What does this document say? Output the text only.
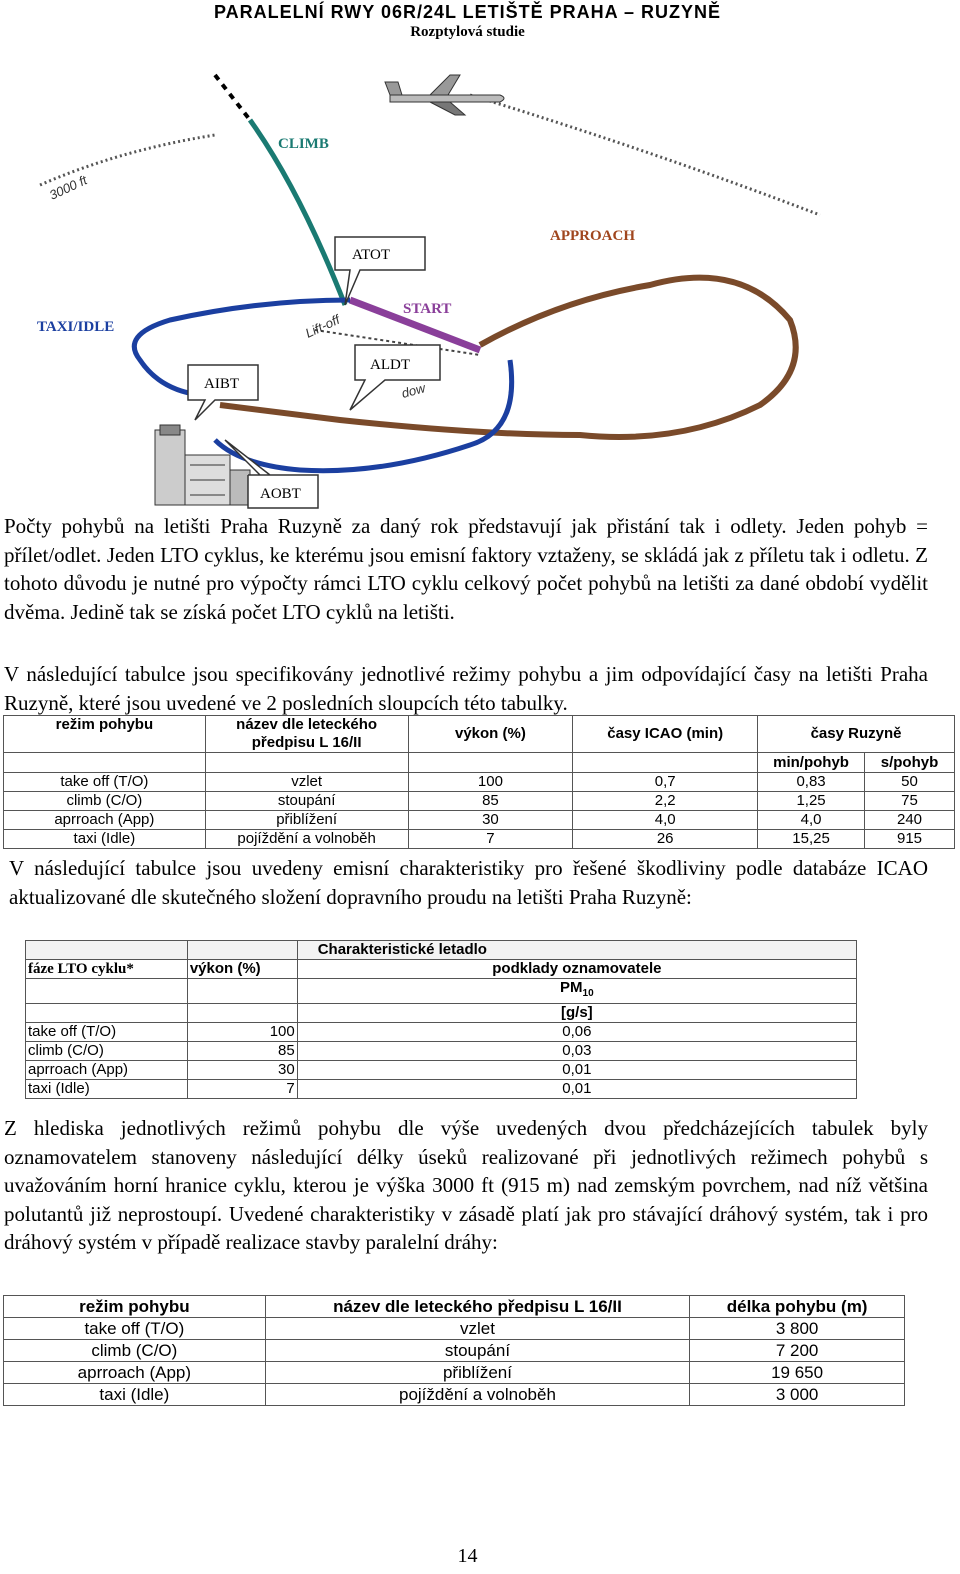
PARALELNÍ RWY 06R/24L LETIŠTĚ PRAHA – RUZYNĚ
Rozptylová studie
CLIMB
3000 ft
APPROACH
ATOT
START
TAXI/IDLE	Lift-off
ALDT
dow
AIBT
AOBT
Počty pohybů na letišti Praha Ruzyně za daný rok představují jak přistání tak i odlety. Jeden pohyb = přílet/odlet. Jeden LTO cyklus, ke kterému jsou emisní faktory vztaženy, se skládá jak z příletu tak i odletu. Z tohoto důvodu je nutné pro výpočty rámci LTO cyklu celkový počet pohybů na letišti za dané období vydělit dvěma. Jedině tak se získá počet LTO cyklů na letišti.
V následující tabulce jsou specifikovány jednotlivé režimy pohybu a jim odpovídající časy na letišti Praha Ruzyně, které jsou uvedené ve 2 posledních sloupcích této tabulky.
režim pohybu	název dle leteckého předpisu L 16/II	výkon (%)	časy ICAO (min)	časy Ruzyně	
				min/pohyb	s/pohyb
take off (T/O)	vzlet	100	0,7	0,83	50
climb (C/O)	stoupání	85	2,2	1,25	75
aprroach (App)	přiblížení	30	4,0	4,0	240
taxi (Idle)	pojíždění a volnoběh	7	26	15,25	915
V následující tabulce jsou uvedeny emisní charakteristiky pro řešené škodliviny podle databáze ICAO aktualizované dle skutečného složení dopravního proudu na letišti Praha Ruzyně:
		Charakteristické letadlo
fáze LTO cyklu*	výkon (%)	podklady oznamovatele
		$PM_{10}$
		[g/s]
take off (T/O)	100	0,06
climb (C/O)	85	0,03
aprroach (App)	30	0,01
taxi (Idle)	7	0,01
Z hlediska jednotlivých režimů pohybu dle výše uvedených dvou předcházejících tabulek byly oznamovatelem stanoveny následující délky úseků realizované při jednotlivých režimech pohybů s uvažováním horní hranice cyklu, kterou je výška 3000 ft (915 m) nad zemským povrchem, nad níž většina polutantů již neprostoupí. Uvedené charakteristiky v zásadě platí jak pro stávající dráhový systém, tak i pro dráhový systém v případě realizace stavby paralelní dráhy:
režim pohybu	název dle leteckého předpisu L 16/II	délka pohybu (m)
take off (T/O)	vzlet	3 800
climb (C/O)	stoupání	7 200
aprroach (App)	přiblížení	19 650
taxi (Idle)	pojíždění a volnoběh	3 000
14
